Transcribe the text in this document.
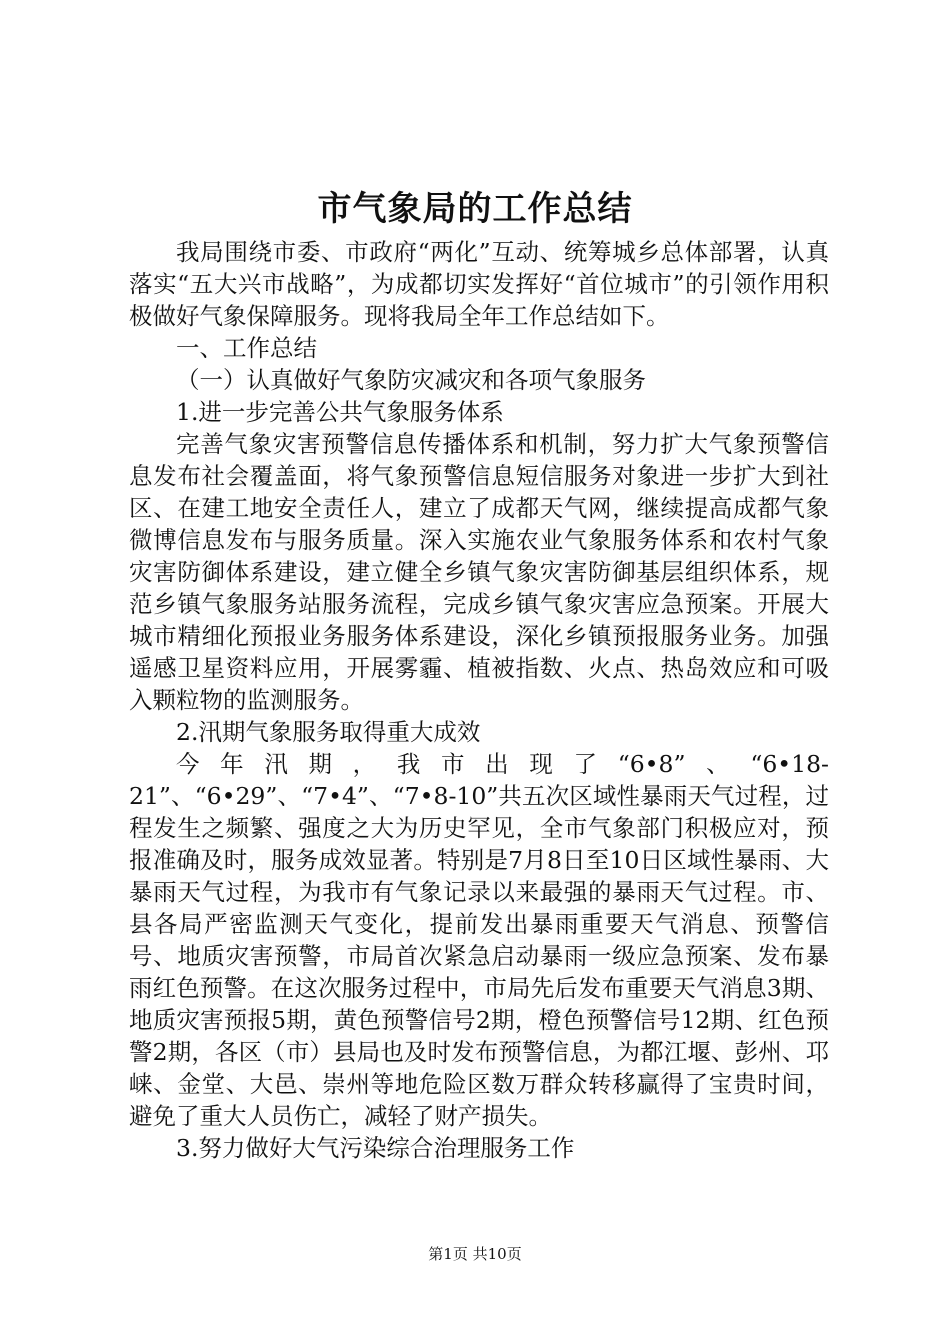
市气象局的工作总结

我局围绕市委、市政府“两化”互动、统筹城乡总体部署，认真落实“五大兴市战略”，为成都切实发挥好“首位城市”的引领作用积极做好气象保障服务。现将我局全年工作总结如下。

一、工作总结

（一）认真做好气象防灾减灾和各项气象服务

1.进一步完善公共气象服务体系

完善气象灾害预警信息传播体系和机制，努力扩大气象预警信息发布社会覆盖面，将气象预警信息短信服务对象进一步扩大到社区、在建工地安全责任人，建立了成都天气网，继续提高成都气象微博信息发布与服务质量。深入实施农业气象服务体系和农村气象灾害防御体系建设，建立健全乡镇气象灾害防御基层组织体系，规范乡镇气象服务站服务流程，完成乡镇气象灾害应急预案。开展大城市精细化预报业务服务体系建设，深化乡镇预报服务业务。加强遥感卫星资料应用，开展雾霾、植被指数、火点、热岛效应和可吸入颗粒物的监测服务。

2.汛期气象服务取得重大成效

今年汛期，我市出现了“6•8”、“6•18-21”、“6•29”、“7•4”、“7•8-10”共五次区域性暴雨天气过程，过程发生之频繁、强度之大为历史罕见，全市气象部门积极应对，预报准确及时，服务成效显著。特别是7月8日至10日区域性暴雨、大暴雨天气过程，为我市有气象记录以来最强的暴雨天气过程。市、县各局严密监测天气变化，提前发出暴雨重要天气消息、预警信号、地质灾害预警，市局首次紧急启动暴雨一级应急预案、发布暴雨红色预警。在这次服务过程中，市局先后发布重要天气消息3期、地质灾害预报5期，黄色预警信号2期，橙色预警信号12期、红色预警2期，各区（市）县局也及时发布预警信息，为都江堰、彭州、邛崃、金堂、大邑、崇州等地危险区数万群众转移赢得了宝贵时间，避免了重大人员伤亡，减轻了财产损失。

3.努力做好大气污染综合治理服务工作

第1页 共10页
